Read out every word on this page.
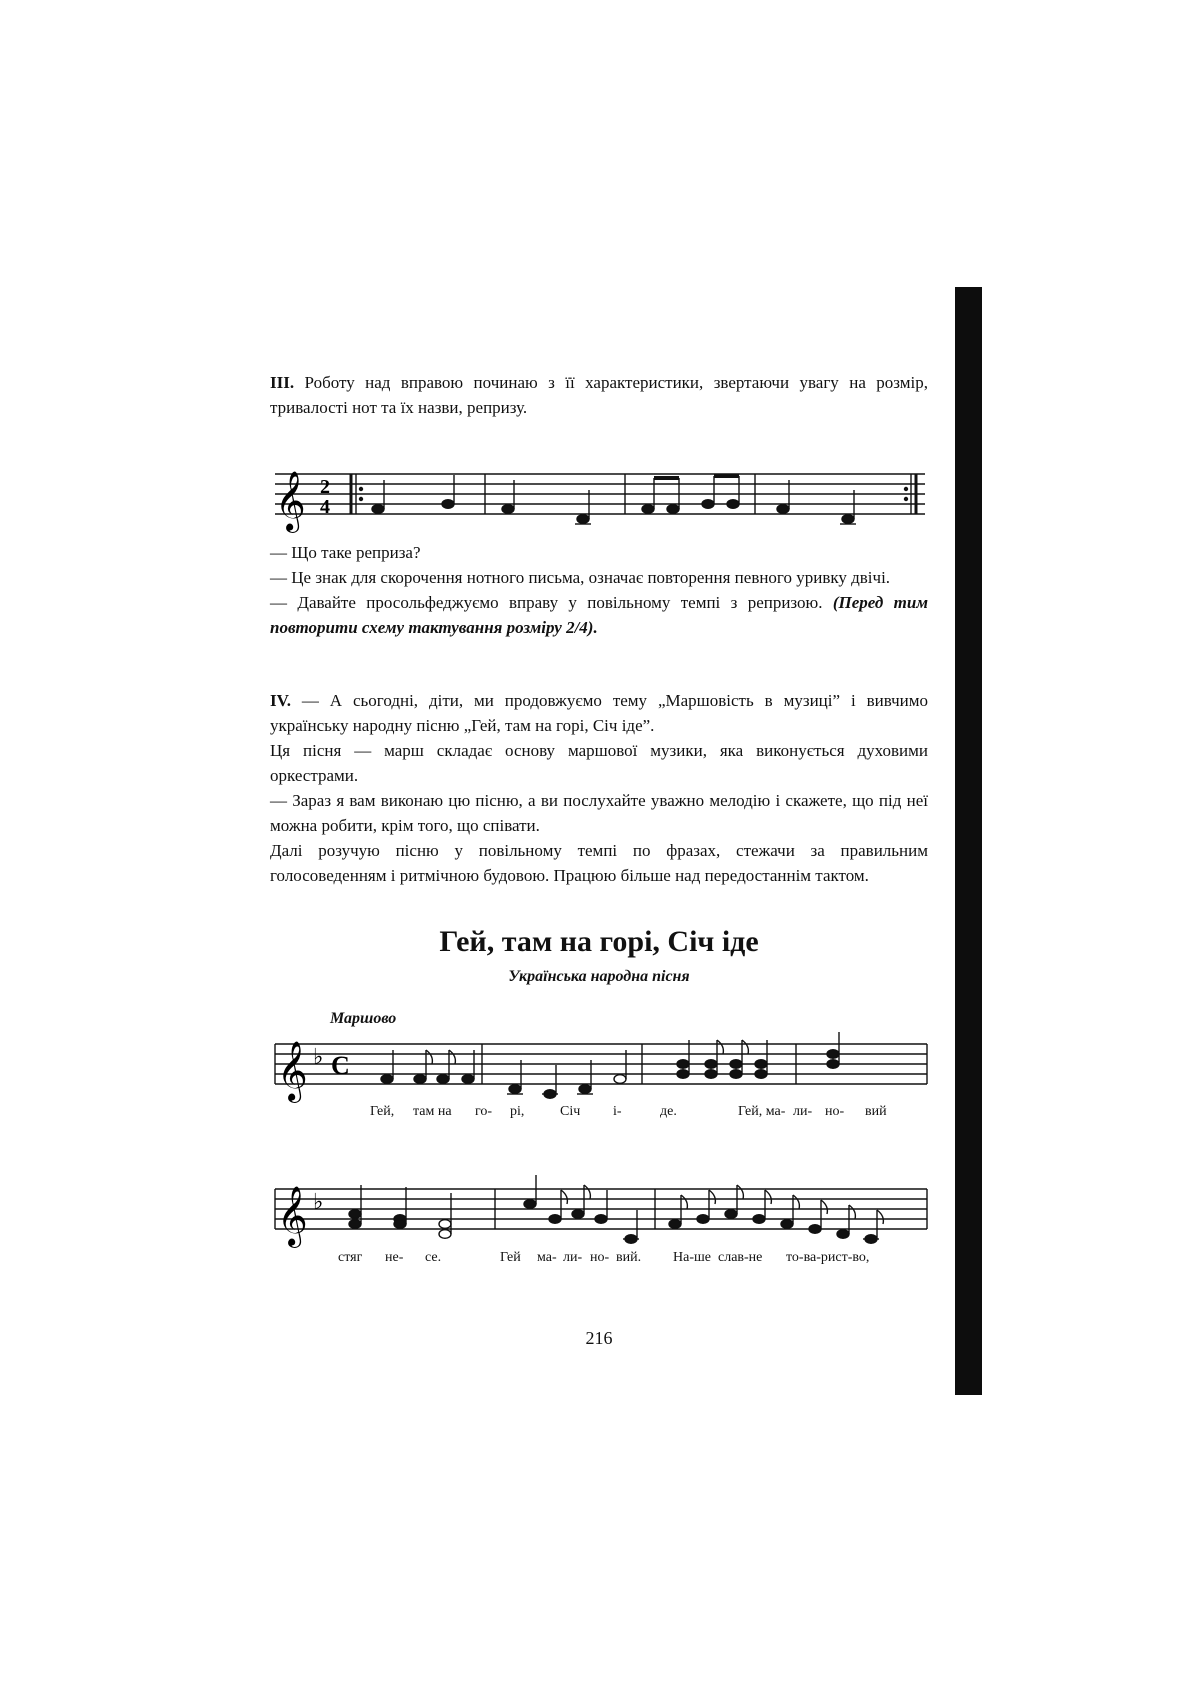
III. Роботу над вправою починаю з її характеристики, звертаючи увагу на розмір, тривалості нот та їх назви, репризу.

𝄞 2
4

— Що таке реприза?

— Це знак для скорочення нотного письма, означає повторення певного уривку двічі.

— Давайте просольфеджуємо вправу у повільному темпі з репризою. (Перед тим повторити схему тактування розміру 2/4).

IV. — А сьогодні, діти, ми продовжуємо тему „Маршовість в музиці” і вивчимо українську народну пісню „Гей, там на горі, Січ іде”.

Ця пісня — марш складає основу маршової музики, яка виконується духовими оркестрами.

— Зараз я вам виконаю цю пісню, а ви послухайте уважно мелодію і скажете, що під неї можна робити, крім того, що співати.

Далі розучую пісню у повільному темпі по фразах, стежачи за правильним голосоведенням і ритмічною будовою. Працюю більше над передостаннім тактом.

Гей, там на горі, Січ іде
Українська народна пісня
Маршово
𝄞 ♭ C
Гей, там на го- рі,	Січ і-	де.	Гей, ма- ли- но- вий
𝄞 ♭
стяг не- се.	Гей ма- ли- но- вий. На-ше слав-не то-ва-рист-во,
216
